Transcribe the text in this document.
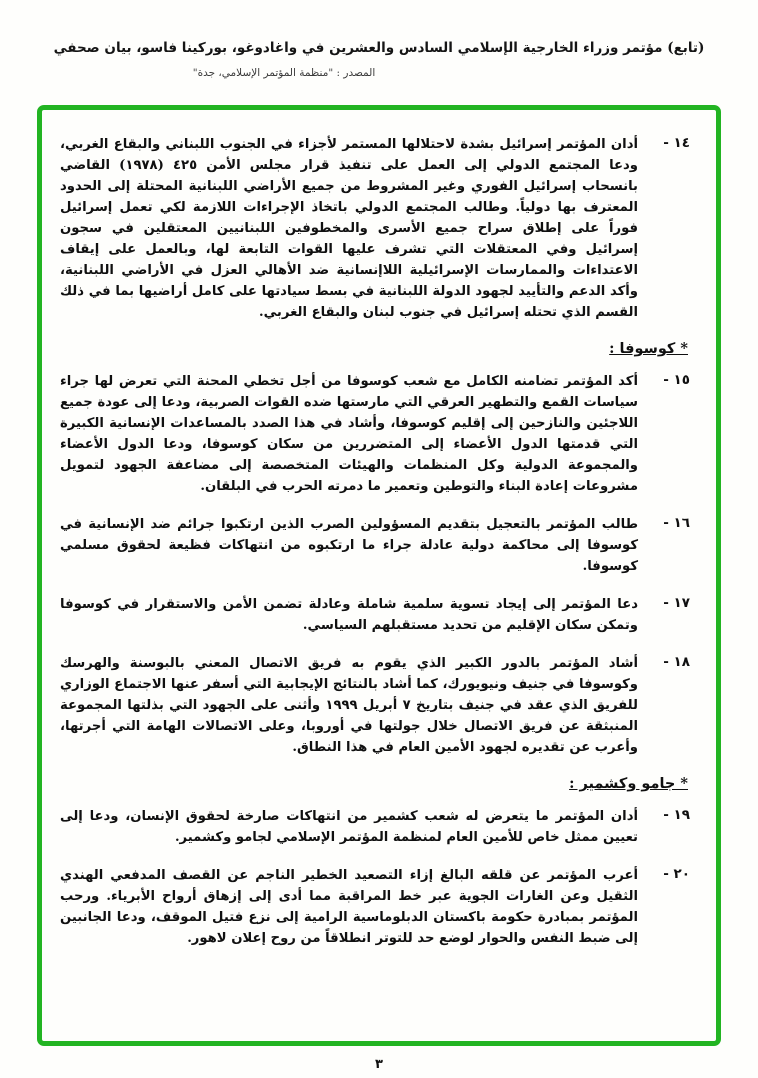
(تابع) مؤتمر وزراء الخارجية الإسلامي السادس والعشرين في واغادوغو، بوركينا فاسو، بيان صحفي
المصدر : "منظمة المؤتمر الإسلامي، جدة"
١٤ -
أدان المؤتمر إسرائيل بشدة لاحتلالها المستمر لأجزاء في الجنوب اللبناني والبقاع الغربي، ودعا المجتمع الدولي إلى العمل على تنفيذ قرار مجلس الأمن ٤٢٥ (١٩٧٨) القاضي بانسحاب إسرائيل الفوري وغير المشروط من جميع الأراضي اللبنانية المحتلة إلى الحدود المعترف بها دولياً. وطالب المجتمع الدولي باتخاذ الإجراءات اللازمة لكي تعمل إسرائيل فوراً على إطلاق سراح جميع الأسرى والمخطوفين اللبنانيين المعتقلين في سجون إسرائيل وفي المعتقلات التي تشرف عليها القوات التابعة لها، وبالعمل على إيقاف الاعتداءات والممارسات الإسرائيلية اللاإنسانية ضد الأهالي العزل في الأراضي اللبنانية، وأكد الدعم والتأييد لجهود الدولة اللبنانية في بسط سيادتها على كامل أراضيها بما في ذلك القسم الذي تحتله إسرائيل في جنوب لبنان والبقاع الغربي.
* كوسوفا :
١٥ -
أكد المؤتمر تضامنه الكامل مع شعب كوسوفا من أجل تخطي المحنة التي تعرض لها جراء سياسات القمع والتطهير العرقي التي مارستها ضده القوات الصربية، ودعا إلى عودة جميع اللاجئين والنازحين إلى إقليم كوسوفا، وأشاد في هذا الصدد بالمساعدات الإنسانية الكبيرة التي قدمتها الدول الأعضاء إلى المتضررين من سكان كوسوفا، ودعا الدول الأعضاء والمجموعة الدولية وكل المنظمات والهيئات المتخصصة إلى مضاعفة الجهود لتمويل مشروعات إعادة البناء والتوطين وتعمير ما دمرته الحرب في البلقان.
١٦ -
طالب المؤتمر بالتعجيل بتقديم المسؤولين الصرب الذين ارتكبوا جرائم ضد الإنسانية في كوسوفا إلى محاكمة دولية عادلة جراء ما ارتكبوه من انتهاكات فظيعة لحقوق مسلمي كوسوفا.
١٧ -
دعا المؤتمر إلى إيجاد تسوية سلمية شاملة وعادلة تضمن الأمن والاستقرار في كوسوفا وتمكن سكان الإقليم من تحديد مستقبلهم السياسي.
١٨ -
أشاد المؤتمر بالدور الكبير الذي يقوم به فريق الاتصال المعني بالبوسنة والهرسك وكوسوفا في جنيف ونيويورك، كما أشاد بالنتائج الإيجابية التي أسفر عنها الاجتماع الوزاري للفريق الذي عقد في جنيف بتاريخ ٧ أبريل ١٩٩٩ وأثنى على الجهود التي بذلتها المجموعة المنبثقة عن فريق الاتصال خلال جولتها في أوروبا، وعلى الاتصالات الهامة التي أجرتها، وأعرب عن تقديره لجهود الأمين العام في هذا النطاق.
* جامو وكشمير :
١٩ -
أدان المؤتمر ما يتعرض له شعب كشمير من انتهاكات صارخة لحقوق الإنسان، ودعا إلى تعيين ممثل خاص للأمين العام لمنظمة المؤتمر الإسلامي لجامو وكشمير.
٢٠ -
أعرب المؤتمر عن قلقه البالغ إزاء التصعيد الخطير الناجم عن القصف المدفعي الهندي الثقيل وعن الغارات الجوية عبر خط المراقبة مما أدى إلى إزهاق أرواح الأبرياء. ورحب المؤتمر بمبادرة حكومة باكستان الدبلوماسية الرامية إلى نزع فتيل الموقف، ودعا الجانبين إلى ضبط النفس والحوار لوضع حد للتوتر انطلاقاً من روح إعلان لاهور.
٣
